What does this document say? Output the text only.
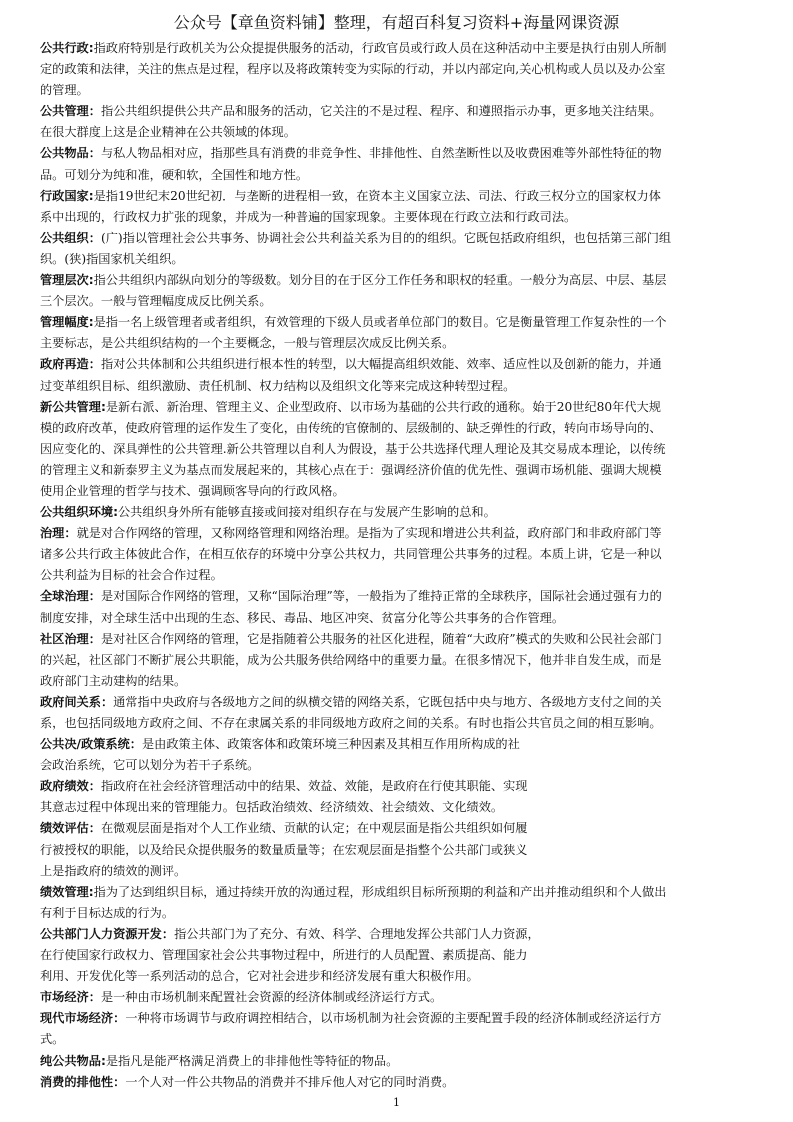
公众号【章鱼资料铺】整理，有超百科复习资料+海量网课资源
公共行政:指政府特别是行政机关为公众提提供服务的活动，行政官员或行政人员在这种活动中主要是执行由别人所制
定的政策和法律，关注的焦点是过程，程序以及将政策转变为实际的行动，并以内部定向,关心机构或人员以及办公室
的管理。
公共管理：指公共组织提供公共产品和服务的活动，它关注的不是过程、程序、和遵照指示办事，更多地关注结果。
在很大群度上这是企业精神在公共领域的体现。
公共物品：与私人物品相对应，指那些具有消费的非竞争性、非排他性、自然垄断性以及收费困难等外部性特征的物
品。可划分为纯和准，硬和软，全国性和地方性。
行政国家:是指19世纪末20世纪初．与垄断的进程相一致，在资本主义国家立法、司法、行政三权分立的国家权力体
系中出现的，行政权力扩张的现象，并成为一种普遍的国家现象。主要体现在行政立法和行政司法。
公共组织：(广)指以管理社会公共事务、协调社会公共利益关系为目的的组织。它既包括政府组织，也包括第三部门组
织。(狭)指国家机关组织。
管理层次:指公共组织内部纵向划分的等级数。划分目的在于区分工作任务和职权的轻重。一般分为高层、中层、基层
三个层次。一般与管理幅度成反比例关系。
管理幅度:是指一名上级管理者或者组织，有效管理的下级人员或者单位部门的数目。它是衡量管理工作复杂性的一个
主要标志，是公共组织结构的一个主要概念，一般与管理层次成反比例关系。
政府再造：指对公共体制和公共组织进行根本性的转型，以大幅提高组织效能、效率、适应性以及创新的能力，并通
过变革组织目标、组织激励、责任机制、权力结构以及组织文化等来完成这种转型过程。
新公共管理:是新右派、新治理、管理主义、企业型政府、以市场为基础的公共行政的通称。始于20世纪80年代大规
模的政府改革，使政府管理的运作发生了变化，由传统的官僚制的、层级制的、缺乏弹性的行政，转向市场导向的、
因应变化的、深具弹性的公共管理.新公共管理以自利人为假设，基于公共选择代理人理论及其交易成本理论，以传统
的管理主义和新泰罗主义为基点而发展起来的，其核心点在于：强调经济价值的优先性、强调市场机能、强调大规模
使用企业管理的哲学与技术、强调顾客导向的行政风格。
公共组织环境:公共组织身外所有能够直接或间接对组织存在与发展产生影响的总和。
治理：就是对合作网络的管理，又称网络管理和网络治理。是指为了实现和增进公共利益，政府部门和非政府部门等
诸多公共行政主体彼此合作，在相互依存的环境中分享公共权力，共同管理公共事务的过程。本质上讲，它是一种以
公共利益为目标的社会合作过程。
全球治理：是对国际合作网络的管理，又称“国际治理”等，一般指为了维持正常的全球秩序，国际社会通过强有力的
制度安排，对全球生活中出现的生态、移民、毒品、地区冲突、贫富分化等公共事务的合作管理。
社区治理：是对社区合作网络的管理，它是指随着公共服务的社区化进程，随着“大政府”模式的失败和公民社会部门
的兴起，社区部门不断扩展公共职能，成为公共服务供给网络中的重要力量。在很多情况下，他并非自发生成，而是
政府部门主动建构的结果。
政府间关系：通常指中央政府与各级地方之间的纵横交错的网络关系，它既包括中央与地方、各级地方支付之间的关
系，也包括同级地方政府之间、不存在隶属关系的非同级地方政府之间的关系。有时也指公共官员之间的相互影响。
公共决/政策系统：是由政策主体、政策客体和政策环境三种因素及其相互作用所构成的社
会政治系统，它可以划分为若干子系统。
政府绩效：指政府在社会经济管理活动中的结果、效益、效能，是政府在行使其职能、实现
其意志过程中体现出来的管理能力。包括政治绩效、经济绩效、社会绩效、文化绩效。
绩效评估：在微观层面是指对个人工作业绩、贡献的认定；在中观层面是指公共组织如何履
行被授权的职能，以及给民众提供服务的数量质量等；在宏观层面是指整个公共部门或狭义
上是指政府的绩效的测评。
绩效管理:指为了达到组织目标，通过持续开放的沟通过程，形成组织目标所预期的利益和产出并推动组织和个人做出
有利于目标达成的行为。
公共部门人力资源开发：指公共部门为了充分、有效、科学、合理地发挥公共部门人力资源，
在行使国家行政权力、管理国家社会公共事物过程中，所进行的人员配置、素质提高、能力
利用、开发优化等一系列活动的总合，它对社会进步和经济发展有重大积极作用。
市场经济：是一种由市场机制来配置社会资源的经济体制或经济运行方式。
现代市场经济：一种将市场调节与政府调控相结合，以市场机制为社会资源的主要配置手段的经济体制或经济运行方
式。
纯公共物品:是指凡是能严格满足消费上的非排他性等特征的物品。
消费的排他性：一个人对一件公共物品的消费并不排斥他人对它的同时消费。
1
